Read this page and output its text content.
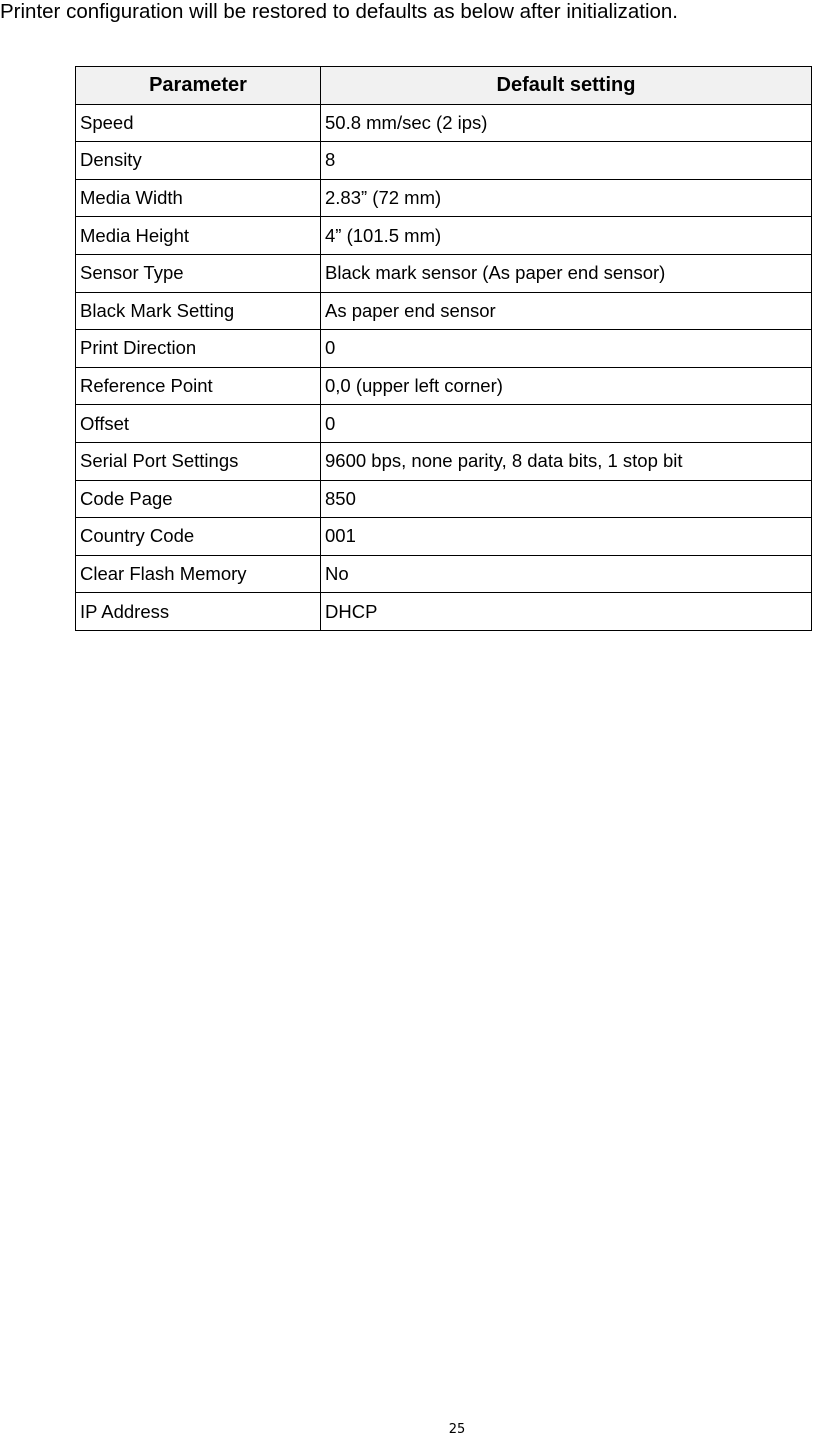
Printer configuration will be restored to defaults as below after initialization.

Parameter	Default setting
Speed	50.8 mm/sec (2 ips)
Density	8
Media Width	2.83” (72 mm)
Media Height	4” (101.5 mm)
Sensor Type	Black mark sensor (As paper end sensor)
Black Mark Setting	As paper end sensor
Print Direction	0
Reference Point	0,0 (upper left corner)
Offset	0
Serial Port Settings	9600 bps, none parity, 8 data bits, 1 stop bit
Code Page	850
Country Code	001
Clear Flash Memory	No
IP Address	DHCP
25
